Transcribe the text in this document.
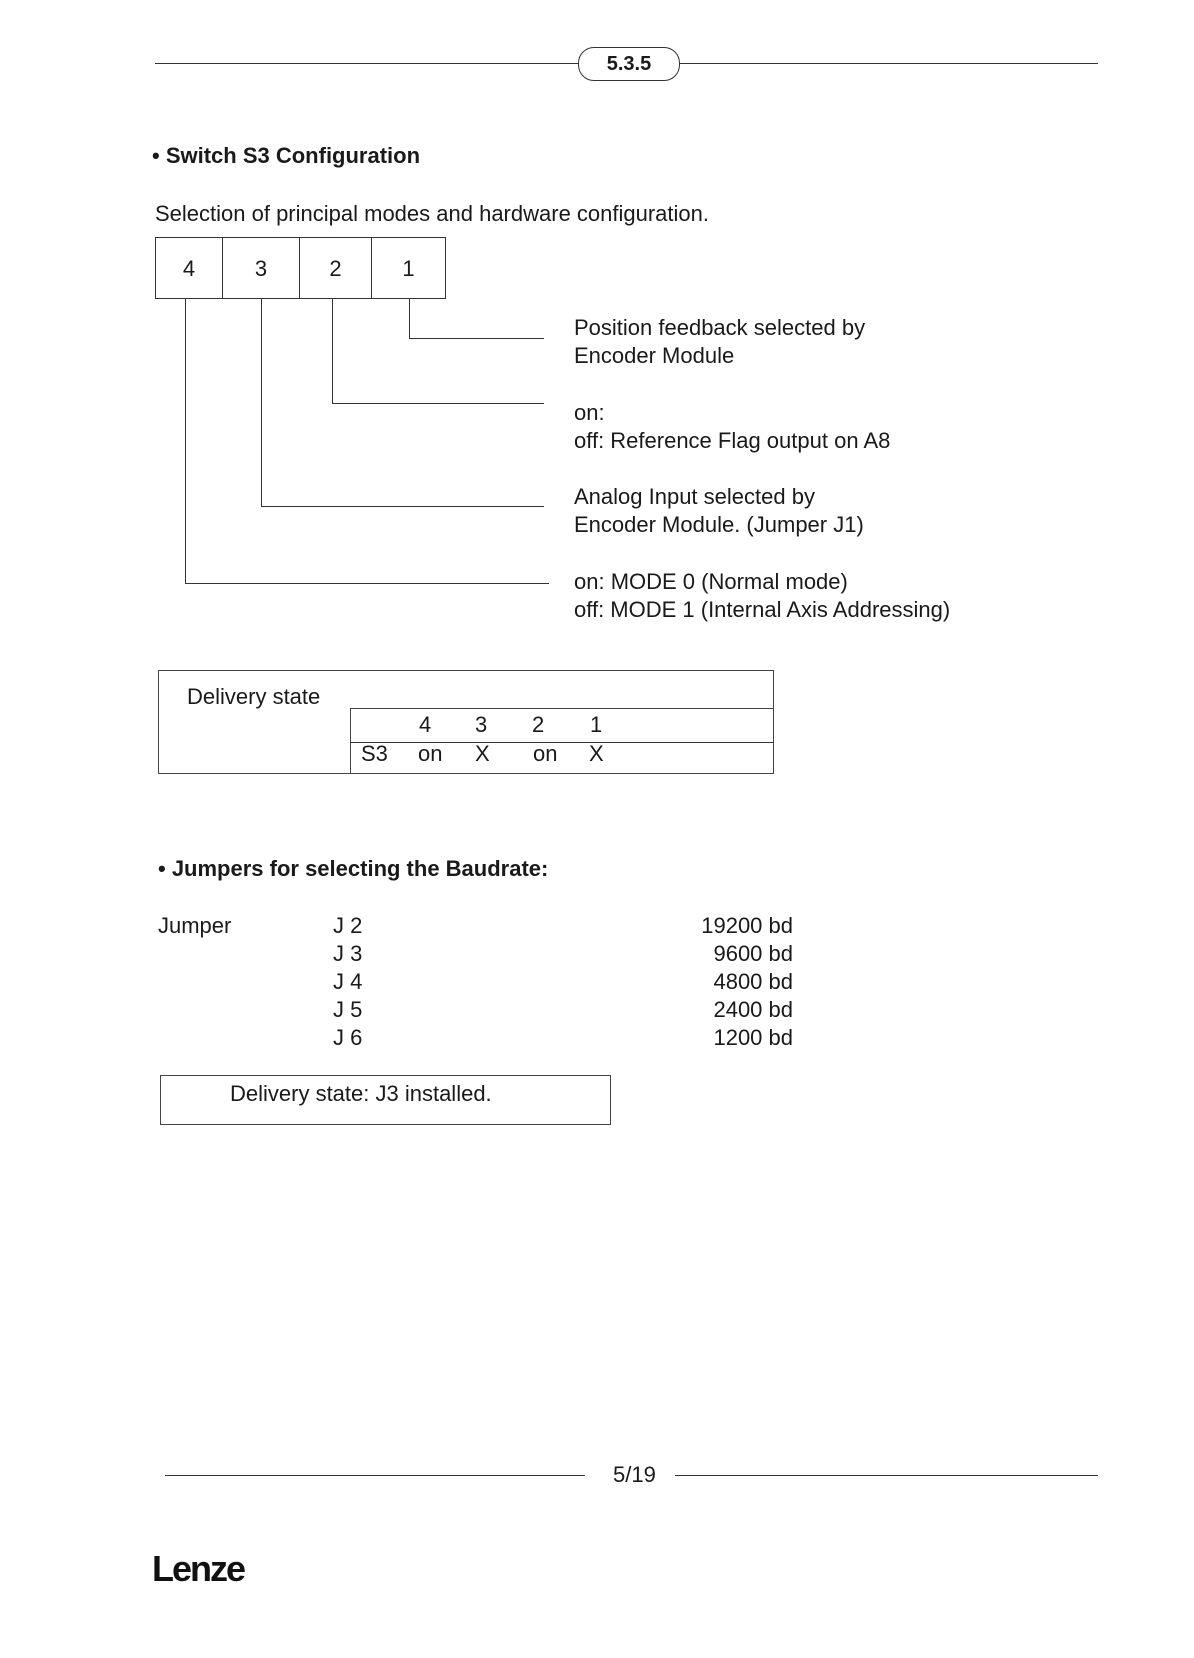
5.3.5
• Switch S3 Configuration
Selection of principal modes and hardware configuration.
4	3	2	1
Position feedback selected by
Encoder Module
on:
off: Reference Flag output on A8
Analog Input selected by
Encoder Module. (Jumper J1)
on: MODE 0 (Normal mode)
off: MODE 1 (Internal Axis Addressing)
Delivery state
4 3 2 1
S3 on X on X
• Jumpers for selecting the Baudrate:
Jumper	J 2	19200 bd
J 3	9600 bd
J 4	4800 bd
J 5	2400 bd
J 6	1200 bd
Delivery state: J3 installed.
5/19
Lenze
